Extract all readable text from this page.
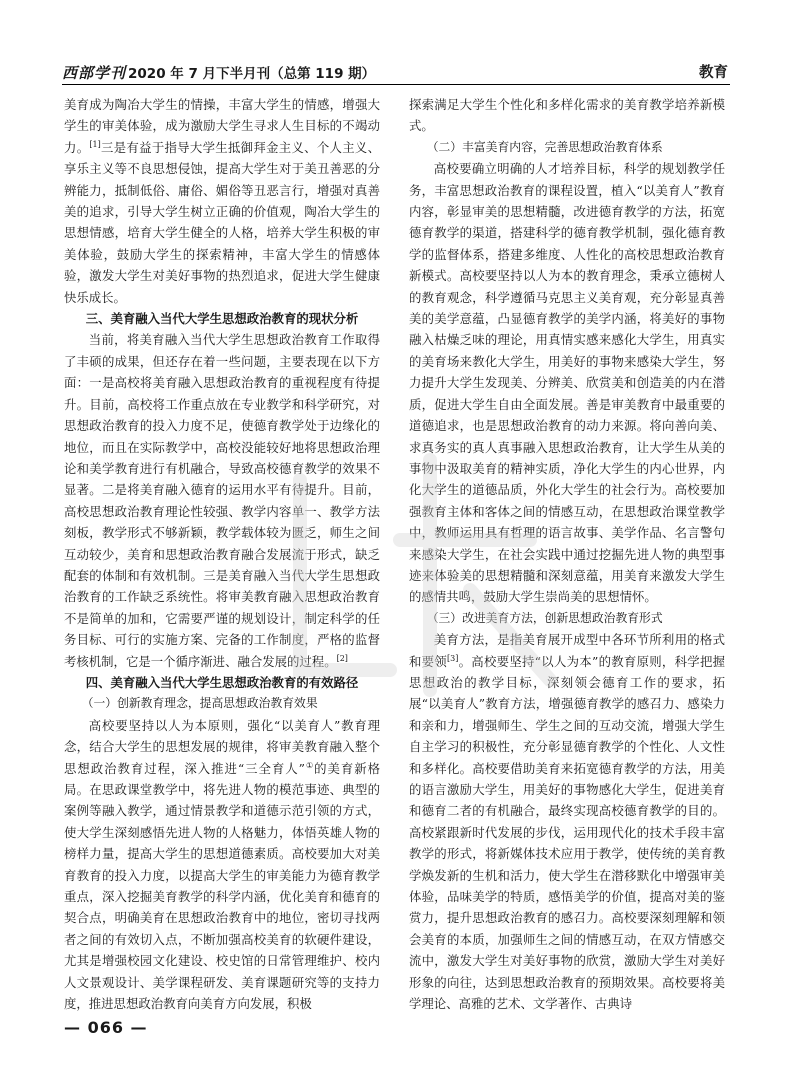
西部学刊 2020 年 7 月下半月刊（总第 119 期）	教育

美育成为陶冶大学生的情操，丰富大学生的情感，增强大学生的审美体验，成为激励大学生寻求人生目标的不竭动力。[1]三是有益于指导大学生抵御拜金主义、个人主义、享乐主义等不良思想侵蚀，提高大学生对于美丑善恶的分辨能力，抵制低俗、庸俗、媚俗等丑恶言行，增强对真善美的追求，引导大学生树立正确的价值观，陶冶大学生的思想情感，培育大学生健全的人格，培养大学生积极的审美体验，鼓励大学生的探索精神，丰富大学生的情感体验，激发大学生对美好事物的热烈追求，促进大学生健康快乐成长。

三、美育融入当代大学生思想政治教育的现状分析

当前，将美育融入当代大学生思想政治教育工作取得了丰硕的成果，但还存在着一些问题，主要表现在以下方面：一是高校将美育融入思想政治教育的重视程度有待提升。目前，高校将工作重点放在专业教学和科学研究，对思想政治教育的投入力度不足，使德育教学处于边缘化的地位，而且在实际教学中，高校没能较好地将思想政治理论和美学教育进行有机融合，导致高校德育教学的效果不显著。二是将美育融入德育的运用水平有待提升。目前，高校思想政治教育理论性较强、教学内容单一、教学方法刻板，教学形式不够新颖，教学载体较为匮乏，师生之间互动较少，美育和思想政治教育融合发展流于形式，缺乏配套的体制和有效机制。三是美育融入当代大学生思想政治教育的工作缺乏系统性。将审美教育融入思想政治教育不是简单的加和，它需要严谨的规划设计，制定科学的任务目标、可行的实施方案、完备的工作制度，严格的监督考核机制，它是一个循序渐进、融合发展的过程。[2]

四、美育融入当代大学生思想政治教育的有效路径
（一）创新教育理念，提高思想政治教育效果

高校要坚持以人为本原则，强化“以美育人”教育理念，结合大学生的思想发展的规律，将审美教育融入整个思想政治教育过程，深入推进“三全育人”①的美育新格局。在思政课堂教学中，将先进人物的模范事迹、典型的案例等融入教学，通过情景教学和道德示范引领的方式，使大学生深刻感悟先进人物的人格魅力，体悟英雄人物的榜样力量，提高大学生的思想道德素质。高校要加大对美育教育的投入力度，以提高大学生的审美能力为德育教学重点，深入挖掘美育教学的科学内涵，优化美育和德育的契合点，明确美育在思想政治教育中的地位，密切寻找两者之间的有效切入点，不断加强高校美育的软硬件建设，尤其是增强校园文化建设、校史馆的日常管理维护、校内人文景观设计、美学课程研发、美育课题研究等的支持力度，推进思想政治教育向美育方向发展，积极

探索满足大学生个性化和多样化需求的美育教学培养新模式。

（二）丰富美育内容，完善思想政治教育体系

高校要确立明确的人才培养目标，科学的规划教学任务，丰富思想政治教育的课程设置，植入“以美育人”教育内容，彰显审美的思想精髓，改进德育教学的方法，拓宽德育教学的渠道，搭建科学的德育教学机制，强化德育教学的监督体系，搭建多维度、人性化的高校思想政治教育新模式。高校要坚持以人为本的教育理念，秉承立德树人的教育观念，科学遵循马克思主义美育观，充分彰显真善美的美学意蕴，凸显德育教学的美学内涵，将美好的事物融入枯燥乏味的理论，用真情实感来感化大学生，用真实的美育场来教化大学生，用美好的事物来感染大学生，努力提升大学生发现美、分辨美、欣赏美和创造美的内在潜质，促进大学生自由全面发展。善是审美教育中最重要的道德追求，也是思想政治教育的动力来源。将向善向美、求真务实的真人真事融入思想政治教育，让大学生从美的事物中汲取美育的精神实质，净化大学生的内心世界，内化大学生的道德品质，外化大学生的社会行为。高校要加强教育主体和客体之间的情感互动，在思想政治课堂教学中，教师运用具有哲理的语言故事、美学作品、名言警句来感染大学生，在社会实践中通过挖掘先进人物的典型事迹来体验美的思想精髓和深刻意蕴，用美育来激发大学生的感情共鸣，鼓励大学生崇尚美的思想情怀。

（三）改进美育方法，创新思想政治教育形式

美育方法，是指美育展开成型中各环节所利用的格式和要领[3]。高校要坚持“以人为本”的教育原则，科学把握思想政治的教学目标，深刻领会德育工作的要求，拓展“以美育人”教育方法，增强德育教学的感召力、感染力和亲和力，增强师生、学生之间的互动交流，增强大学生自主学习的积极性，充分彰显德育教学的个性化、人文性和多样化。高校要借助美育来拓宽德育教学的方法，用美的语言激励大学生，用美好的事物感化大学生，促进美育和德育二者的有机融合，最终实现高校德育教学的目的。高校紧跟新时代发展的步伐，运用现代化的技术手段丰富教学的形式，将新媒体技术应用于教学，使传统的美育教学焕发新的生机和活力，使大学生在潜移默化中增强审美体验，品味美学的特质，感悟美学的价值，提高对美的鉴赏力，提升思想政治教育的感召力。高校要深刻理解和领会美育的本质，加强师生之间的情感互动，在双方情感交流中，激发大学生对美好事物的欣赏，激励大学生对美好形象的向往，达到思想政治教育的预期效果。高校要将美学理论、高雅的艺术、文学著作、古典诗

— 066 —
